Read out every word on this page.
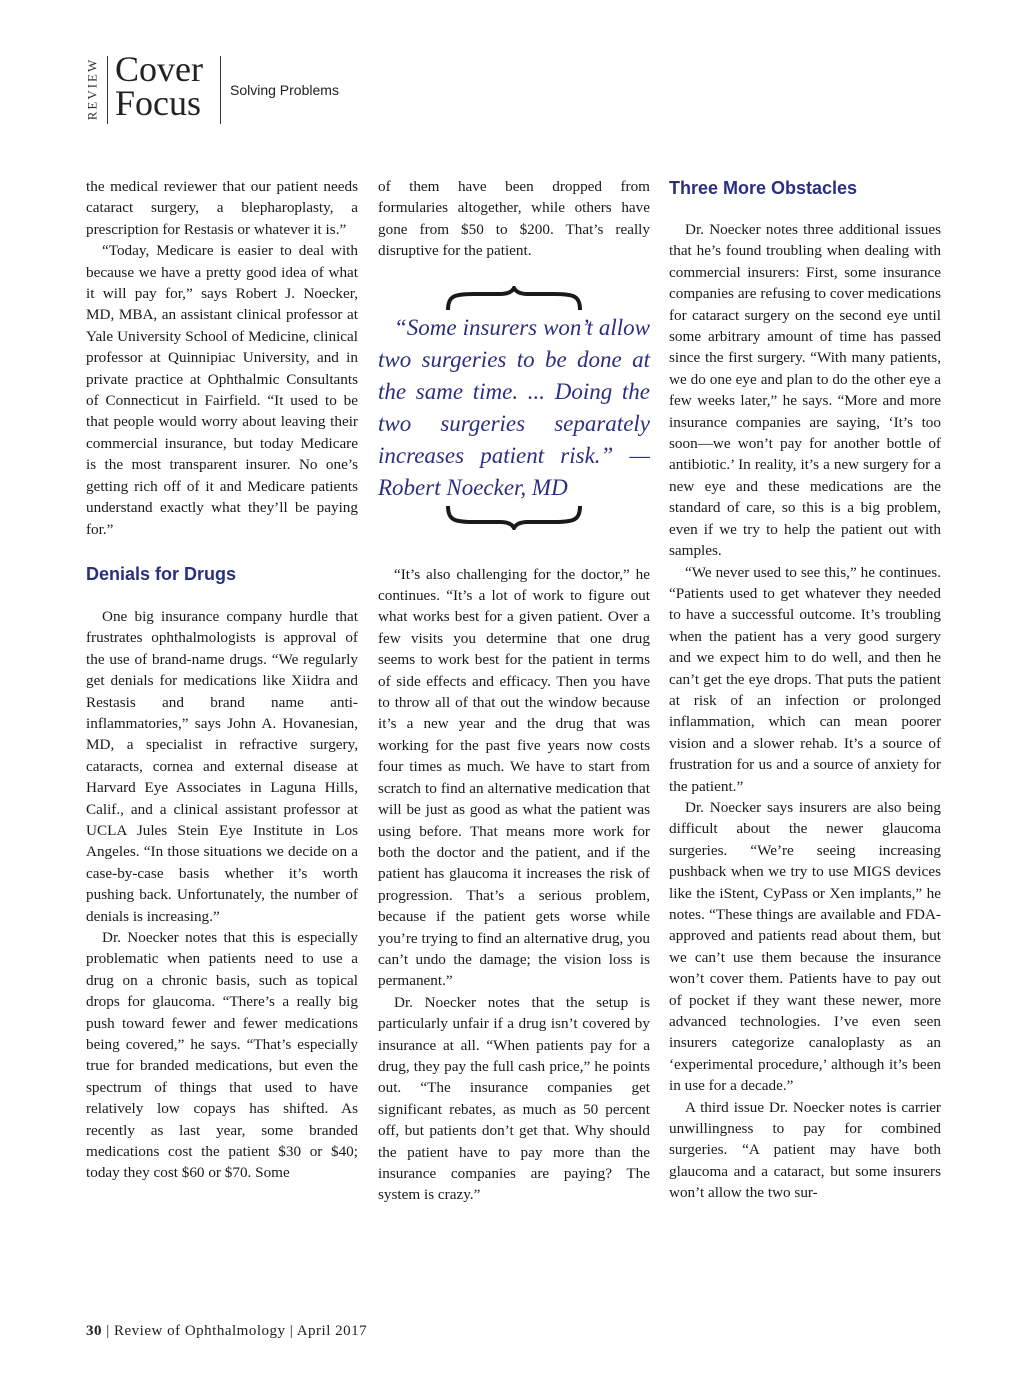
REVIEW Cover
Focus Solving Problems

the medical reviewer that our patient needs cataract surgery, a blepharoplasty, a prescription for Restasis or whatever it is.”

“Today, Medicare is easier to deal with because we have a pretty good idea of what it will pay for,” says Robert J. Noecker, MD, MBA, an assistant clinical professor at Yale University School of Medicine, clinical professor at Quinnipiac University, and in private practice at Ophthalmic Consultants of Connecticut in Fairfield. “It used to be that people would worry about leaving their commercial insurance, but today Medicare is the most transparent insurer. No one’s getting rich off of it and Medicare patients understand exactly what they’ll be paying for.”

Denials for Drugs

One big insurance company hurdle that frustrates ophthalmologists is approval of the use of brand-name drugs. “We regularly get denials for medications like Xiidra and Restasis and brand name anti-inflammatories,” says John A. Hovanesian, MD, a specialist in refractive surgery, cataracts, cornea and external disease at Harvard Eye Associates in Laguna Hills, Calif., and a clinical assistant professor at UCLA Jules Stein Eye Institute in Los Angeles. “In those situations we decide on a case-by-case basis whether it’s worth pushing back. Unfortunately, the number of denials is increasing.”

Dr. Noecker notes that this is especially problematic when patients need to use a drug on a chronic basis, such as topical drops for glaucoma. “There’s a really big push toward fewer and fewer medications being covered,” he says. “That’s especially true for branded medications, but even the spectrum of things that used to have relatively low copays has shifted. As recently as last year, some branded medications cost the patient $30 or $40; today they cost $60 or $70. Some

of them have been dropped from formularies altogether, while others have gone from $50 to $200. That’s really disruptive for the patient.

“Some insurers won’t allow two surgeries to be done at the same time. ... Doing the two surgeries separately increases patient risk.” — Robert Noecker, MD

“It’s also challenging for the doctor,” he continues. “It’s a lot of work to figure out what works best for a given patient. Over a few visits you determine that one drug seems to work best for the patient in terms of side effects and efficacy. Then you have to throw all of that out the window because it’s a new year and the drug that was working for the past five years now costs four times as much. We have to start from scratch to find an alternative medication that will be just as good as what the patient was using before. That means more work for both the doctor and the patient, and if the patient has glaucoma it increases the risk of progression. That’s a serious problem, because if the patient gets worse while you’re trying to find an alternative drug, you can’t undo the damage; the vision loss is permanent.”

Dr. Noecker notes that the setup is particularly unfair if a drug isn’t covered by insurance at all. “When patients pay for a drug, they pay the full cash price,” he points out. “The insurance companies get significant rebates, as much as 50 percent off, but patients don’t get that. Why should the patient have to pay more than the insurance companies are paying? The system is crazy.”

Three More Obstacles

Dr. Noecker notes three additional issues that he’s found troubling when dealing with commercial insurers: First, some insurance companies are refusing to cover medications for cataract surgery on the second eye until some arbitrary amount of time has passed since the first surgery. “With many patients, we do one eye and plan to do the other eye a few weeks later,” he says. “More and more insurance companies are saying, ‘It’s too soon—we won’t pay for another bottle of antibiotic.’ In reality, it’s a new surgery for a new eye and these medications are the standard of care, so this is a big problem, even if we try to help the patient out with samples.

“We never used to see this,” he continues. “Patients used to get whatever they needed to have a successful outcome. It’s troubling when the patient has a very good surgery and we expect him to do well, and then he can’t get the eye drops. That puts the patient at risk of an infection or prolonged inflammation, which can mean poorer vision and a slower rehab. It’s a source of frustration for us and a source of anxiety for the patient.”

Dr. Noecker says insurers are also being difficult about the newer glaucoma surgeries. “We’re seeing increasing pushback when we try to use MIGS devices like the iStent, CyPass or Xen implants,” he notes. “These things are available and FDA-approved and patients read about them, but we can’t use them because the insurance won’t cover them. Patients have to pay out of pocket if they want these newer, more advanced technologies. I’ve even seen insurers categorize canaloplasty as an ‘experimental procedure,’ although it’s been in use for a decade.”

A third issue Dr. Noecker notes is carrier unwillingness to pay for combined surgeries. “A patient may have both glaucoma and a cataract, but some insurers won’t allow the two sur-

30 | Review of Ophthalmology | April 2017
